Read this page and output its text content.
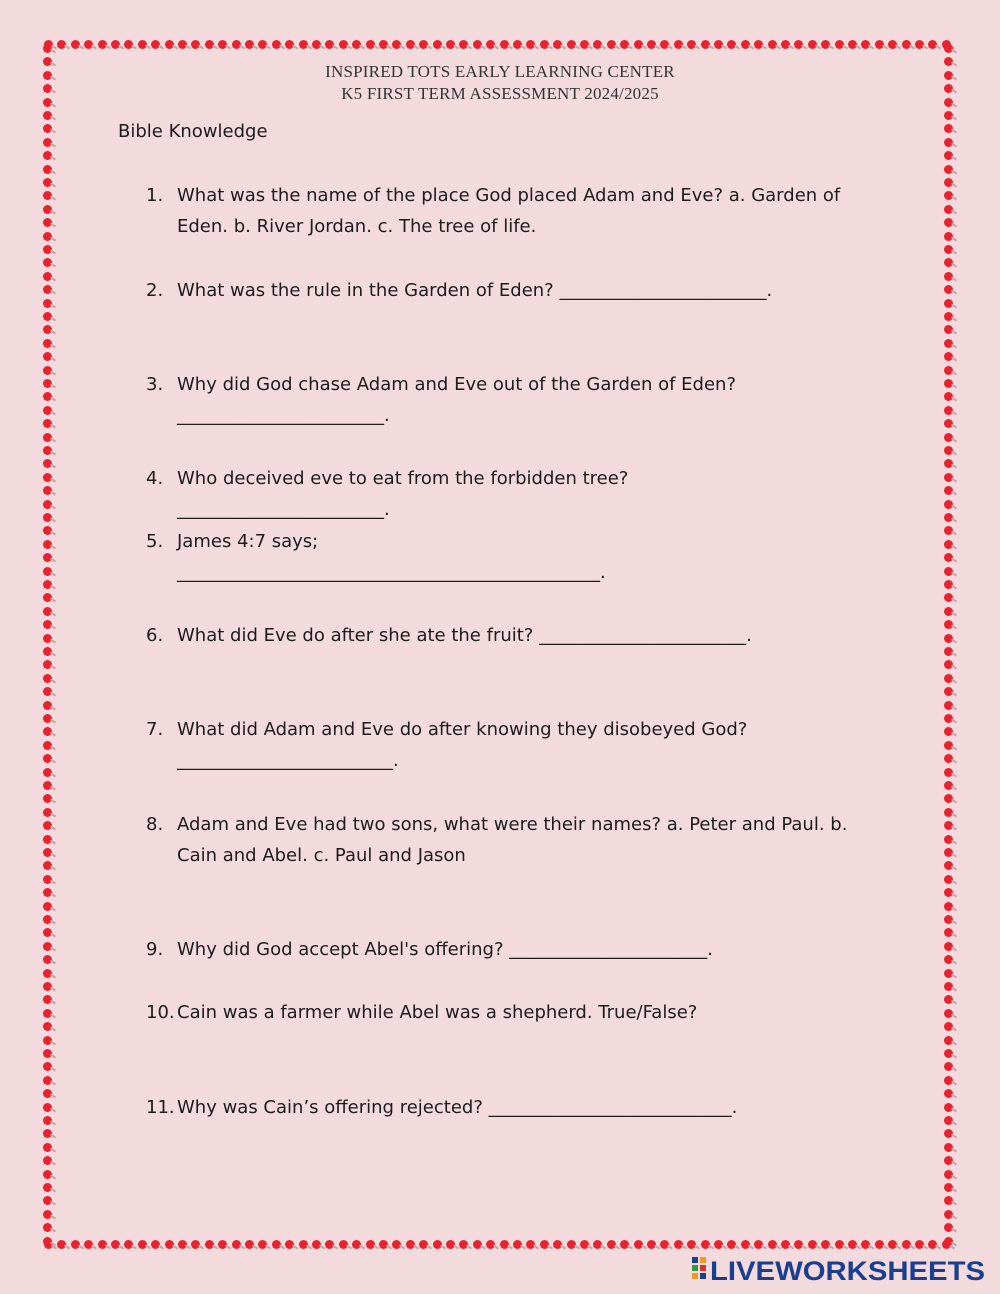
INSPIRED TOTS EARLY LEARNING CENTER
K5 FIRST TERM ASSESSMENT 2024/2025
Bible Knowledge
1. What was the name of the place God placed Adam and Eve? a. Garden of
Eden. b. River Jordan. c. The tree of life.
2. What was the rule in the Garden of Eden? _______________________.
3. Why did God chase Adam and Eve out of the Garden of Eden?
_______________________.
4. Who deceived eve to eat from the forbidden tree?
_______________________.
5. James 4:7 says;
_______________________________________________.
6. What did Eve do after she ate the fruit? _______________________.
7. What did Adam and Eve do after knowing they disobeyed God?
________________________.
8. Adam and Eve had two sons, what were their names? a. Peter and Paul. b.
Cain and Abel. c. Paul and Jason
9. Why did God accept Abel's offering? ______________________.
10. Cain was a farmer while Abel was a shepherd. True/False?
11. Why was Cain’s offering rejected? ___________________________.
LIVEWORKSHEETS
